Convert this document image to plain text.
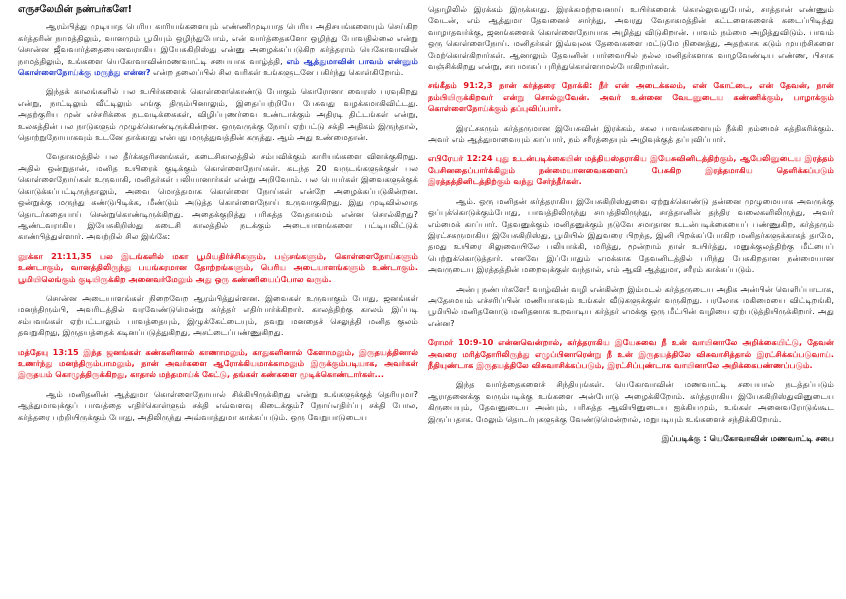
எருசலேமின் நண்பர்களே!

ஆரம்பித்து முடியாத பெரிய காரியங்களையும் எண்ணிமுடியாத பெரிய அதிசயங்களையும் செய்கிற கர்த்தரின் நாமத்திலும், வானமும் பூமியும் ஒழிந்துபோம், என் வார்த்தைகளோ ஒழிந்து போவதில்லை என்று சொன்ன ஜீவவார்த்தையைனவராகிய இயேசுகிறிஸ்து என்னு அழைக்கப்படுகிற கர்த்தராம் யெகோவாவின் நாமத்திலும், உங்களை யெகோவாவின்மணவாட்டி சபையாக வாழ்த்தி, எம் ஆத்துமாவின் பாவம் என்னும் கொள்ளைநோய்க்கு மருந்து என்ன? என்ற தலைப்பில் சில வரிகள் உங்களுடனே பகிர்ந்து கொள்கிறோம்.

இந்தக் காலங்களில் பல உயிர்களைக் கொள்ளைகொண்டு போகும் கொரோனா வைரஸ் பரவுகிறது என்று, நாட்டிலும் வீட்டிலும் எங்கு திரும்பினாலும், இதைப்பற்றியே பேசுவது வழக்கமாகிவிட்டது. அதற்குரிய முன் எச்சரிக்கை நடவடிக்கைகள், விழிப்புணர்வை உண்டாக்கும் அதிரடி திட்டங்கள் என்று, உலகத்தின் பல நாடுகளும் முழுக்கொண்டிருக்கின்றன. ஒருவருக்கு நோய் ஏற்பட்டு சக்தி அதிகம் இருந்தால், தொற்றுநோயாகவும் உடனே தாக்காது என்பது மருத்துவத்தின் கருத்து. ஆம் அது உண்மைதான்.

வேதாகமத்தில் பல தீர்க்கதரிசனங்கள், கடைசிகாலத்தில் சம்பவிக்கும் காரியங்களை விளக்குகிறது. அதில் ஒன்றுதான், மனித உயிரைக் குடிக்கும் கொள்ளைநோய்கள். கடந்த 20 வருடங்களுக்குள் பல கொள்ளைநோய்கள் உருவாகி, மனிதர்கள் பலியானார்கள் என்று அறிவோம். பல பெயர்கள் இவைகளுக்குக் கொடுக்கப்பட்டிருந்தாலும், அவை மொத்தமாக கொள்ளை நோய்கள் என்றே அழைக்கப்படுகின்றன. ஒன்றுக்கு மருந்து கண்டுபிடிக்க, மீண்டும் அடுத்த கொள்ளைநோய் உருவாகுகிறது. இது முடிவில்லாத தொடர்கதையாய் சென்றுகொண்டிருக்கிறது. அதைக்குறித்து பரிசுத்த வேதாகமம் என்ன சொல்கிறது? ஆண்டவராகிய இயேசுகிறிஸ்து கடைசி காலத்தில் நடக்கும் அடையாளங்களை பட்டியலிட்டுக் காண்பித்துள்ளார். அவற்றில் சில இங்கே:

லூக்கா 21:11,35 பல இடங்களில் மகா பூமியதிர்ச்சிகளும், பஞ்சங்களும், கொள்ளைநோய்களும் உண்டாகும், வானத்திலிருந்து பயங்கரமான தோற்றங்களும், பெரிய அடையாளங்களும் உண்டாகும். பூமியிலெங்கும் குடியிருக்கிற அனைவர்மேலும் அது ஒரு கண்ணியைப்போல வரும்.

சொன்ன அடையாளங்கள் நிறைவேற ஆரம்பித்துள்ளன. இவைகள் உருவாகும் போது, ஜனங்கள் மனந்திரும்பி, அவரிடத்தில் வரவேண்டுமென்று கர்த்தர் எதிர்பார்க்கிறார். காலத்திற்கு காலம் இப்படி சம்பவங்கள் ஏற்பட்டாலும் பாவத்தையும், இழுக்கேட்டையும், தவறு மனதைச் செலுத்தி மனித குலம் தவறுகிறது, இருதயத்தைக் கடினப்படுத்துகிறது, அசட்டைப்பண்ணுகிறது.

மத்தேயு 13:15 இந்த ஜனங்கள் கண்களினால் காணாமலும், காதுகளினால் கேளாமலும், இருதயத்தினால் உணர்ந்து மனந்திரும்பாமலும், நான் அவர்களை ஆரோக்கியமாக்காமலும் இருக்கும்படியாக, அவர்கள் இருதயம் கொழுத்திருக்கிறது, காதால் மந்தமாய்க் கேட்டு, தங்கள் கண்களை மூடிக்கொண்டார்கள்...

ஆம் மனிதனின் ஆத்துமா கொள்ளைநோயால் சிக்கியிருக்கிறது என்று உங்களுக்குத் தெரியுமா? ஆத்துமாவுக்குப் பாவத்தை எதிர்கொள்ளும் சக்தி எவ்வளவு கிடைக்கும்? நோய்எதிர்ப்பு சக்தி போல, கர்த்தரை பற்றியிருக்கும் போது, அதிலிருந்து அவ்வாத்துமா காக்கப்படும். ஒரு வேறுபாடுடைய

தொழிலில் இரக்கம் இருக்காது. இரக்கமற்றவனாய் உயிர்களைக் கொல்லுவதுபோல், சாத்தான் எண்ணும் வேடன், எம் ஆத்துமா தேவனைச் சார்ந்து, அவரது வேதாகமத்தின் கட்டளைகளைக் கடைப்பிடித்து வாழாதவர்க்கு, ஜனங்களைக் கொள்ளைநோயாக அழித்து விடுகிறான். பாவம் நம்மை அழித்துவிடும். பாவம் ஒரு கொள்ளைநோய். மனிதர்கள் இவ்வுலக தேவைகளை மட்டுமே நினைத்து, அதற்காக கடும் முயற்சிகளை மேற்கொள்கிறார்கள். ஆனாலும் தேவனின் பார்வையில் நல்ல மனிதர்களாக வாழவேண்டிய எண்ண, பிசாசு வஞ்சிக்கிறது என்று, சாபமாகப் புரிந்துகொள்ளாமல்போகிறார்கள்.

சங்கீதம் 91:2,3 நான் கர்த்தரை நோக்கி: நீர் என் அடைக்கலம், என் கோட்டை, என் தேவன், நான் நம்பியிருக்கிறவர் என்று சொல்லுவேன். அவர் உன்னை வேடனுடைய கண்ணிக்கும், பாழாக்கும் கொள்ளைநோய்க்கும் தப்புவிப்பார்.

இரட்சகரும் கர்த்தருமான இயேசுவின் இரக்கம், சகல பாவங்களையும் நீக்கி நம்மைச் சுத்திகரிக்கும். அவர் எம் ஆத்துமாவையும் காப்பார், நம் சரீரத்தையும் அழிவுக்குத் தப்புவிப்பார்.

எபிரேயர் 12:24 புது உடன்படிக்கையின் மத்தியஸ்தராகிய இயேசுவினிடத்திற்கும், ஆபேலினுடைய இரத்தம் பேசினதைப்பார்க்கிலும் நன்மையானவைகளைப் பேசுகிற இரத்தமாகிய தெளிக்கப்படும் இரத்தத்தினிடத்திற்கும் வந்து சேர்ந்தீர்கள்.

ஆம். ஒரு மனிதன் கர்த்தராகிய இயேசுகிறிஸ்துவை ஏற்றுக்கொண்டு தன்னை முழுமையாக அவருக்கு ஒப்புக்கொடுக்கும்போது, பாவத்திலிருந்து சாபத்திலிருந்து, சாத்தானின் தந்திர வலைகளிலிருந்து, அவர் எம்மைக் காப்பார். தேவனுக்கும் மனிதனுக்கும் நடுவே சமாதான உடன்படிக்கையைப் பண்ணுகிற, கர்த்தரும் இரட்சகருமாகிய இயேசுகிறிஸ்து, பூமியில் இதுவரை பிறந்த, இனி பிறக்கப்போகிற மனிதர்களுக்காகத் தாமே, தமது உயிரை சிலுவையிலே பலியாக்கி, மரித்து, மூன்றாம் நாள் உயிர்த்து, மனுக்குலத்திற்கு மீட்பைப் பெற்றுக்கொடுத்தார். எனவே இப்போதும் எமக்காக தேவனிடத்தில் பரிந்து பேசுகிறதான நன்மையான அவருடைய இரத்தத்தின் மறைவுக்குள் வந்தால், எம் ஆவி ஆத்துமா, சரீரம் காக்கப்படும்.

அன்பு நண்பர்களே! வாழ்வின் வழி என்கின்ற இம்மடல் கர்த்தருடைய அதிக அன்பின் வெளிப்பாடாக, அதேசமயம் எச்சரிப்பின் மணியாகவும் உங்கள் வீடுகளுக்குள் வருகிறது. பரலோக மகிமையை விட்டிறங்கி, பூமியில் மனிதனோடு மனிதனாக உறவாடிய கர்த்தர் எமக்கு ஒரு மீட்பின் வழியை ஏற்படுத்தியிருக்கிறார். அது என்ன?

ரோமர் 10:9-10 என்னவென்றால், கர்த்தராகிய இயேசுவை நீ உன் வாயினாலே அறிக்கையிட்டு, தேவன் அவரை மரித்தோரிலிருந்து எழுப்பினாரென்று நீ உன் இருதயத்திலே விசுவாசித்தால் இரட்சிக்கப்படுவாய். நீதியுண்டாக இருதயத்திலே விசுவாசிக்கப்படும், இரட்சிப்புண்டாக வாயினாலே அறிக்கைபண்ணப்படும்.

இந்த வார்த்தைகளைச் சிந்தியுங்கள். யெகோவாவின் மணவாட்டி சபையால் நடத்தப்படும் ஆராதனைக்கு வரும்படிக்கு உங்களை அன்போடு அழைக்கிறோம். கர்த்தராகிய இயேசுகிறிஸ்துவினுடைய கிருபையும், தேவனுடைய அன்பும், பரிசுத்த ஆவியினுடைய ஐக்கியமும், உங்கள் அனைவரோடுங்கூட இருப்பதாக. மேலும் தொடர்புகளுக்கு வேண்டுமென்றால், மறுபடியும் உங்களைச் சந்திக்கிறோம்.

இப்படிக்கு : யெகோவாவின் மணவாட்டி சபை
